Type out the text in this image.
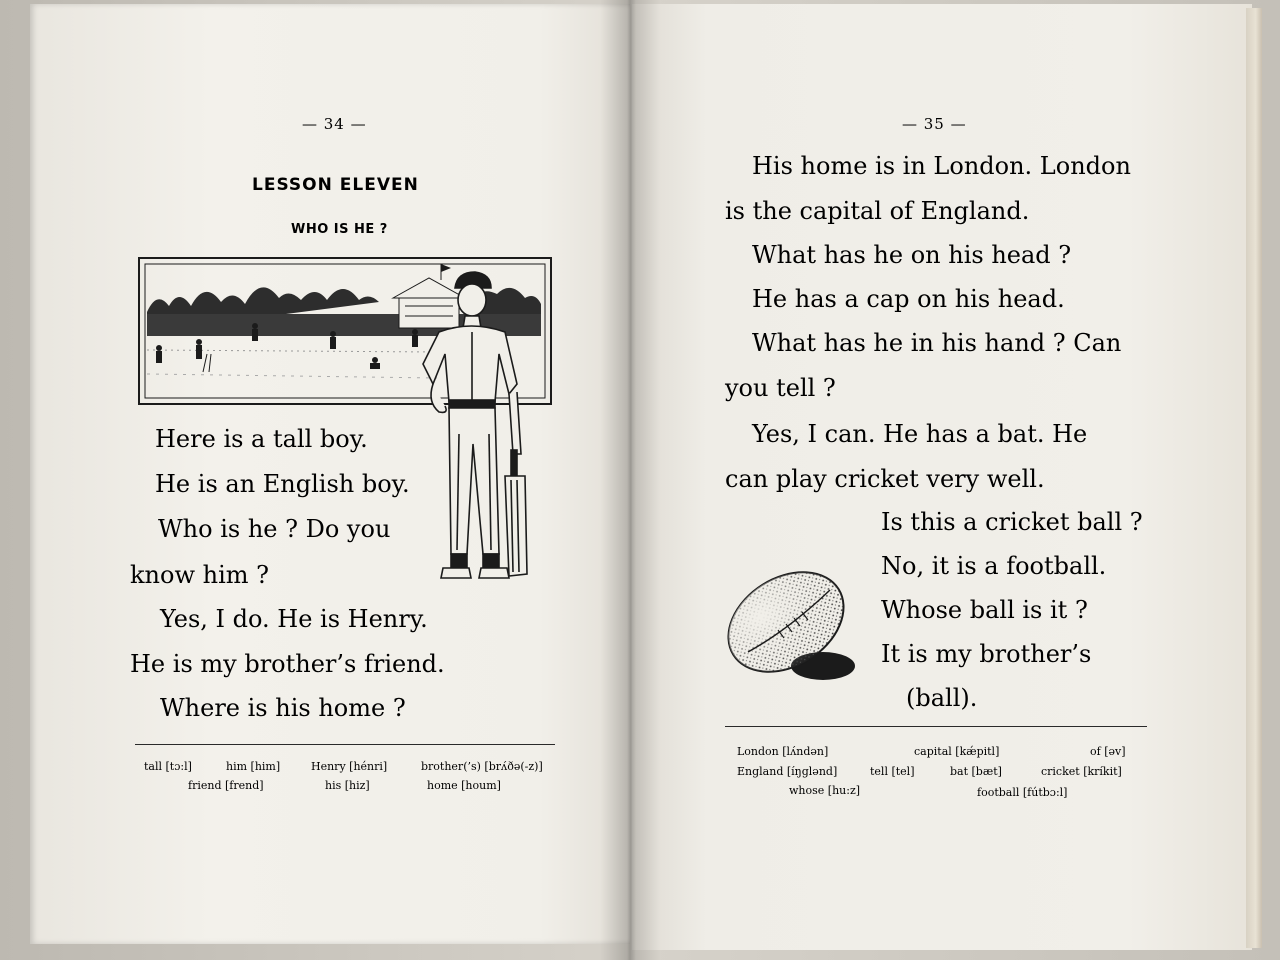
— 34 —
LESSON ELEVEN
WHO IS HE ?
Here is a tall boy.
He is an English boy.
Who is he ? Do you
know him ?
Yes, I do. He is Henry.
He is my brother’s friend.
Where is his home ?
tall [tɔ:l]	him [him]	Henry [hénri]	brother(’s) [brʌ́ðə(-z)]
friend [frend]	his [hiz]	home [houm]
— 35 —
His home is in London. London
is the capital of England.
What has he on his head ?
He has a cap on his head.
What has he in his hand ? Can
you tell ?
Yes, I can. He has a bat. He
can play cricket very well.
Is this a cricket ball ?
No, it is a football.
Whose ball is it ?
It is my brother’s
(ball).
London [lʌ́ndən]	capital [kǽpitl]	of [əv]
England [íŋglənd]	tell [tel]	bat [bæt]	cricket [kríkit]
whose [hu:z]	football [fútbɔ:l]
